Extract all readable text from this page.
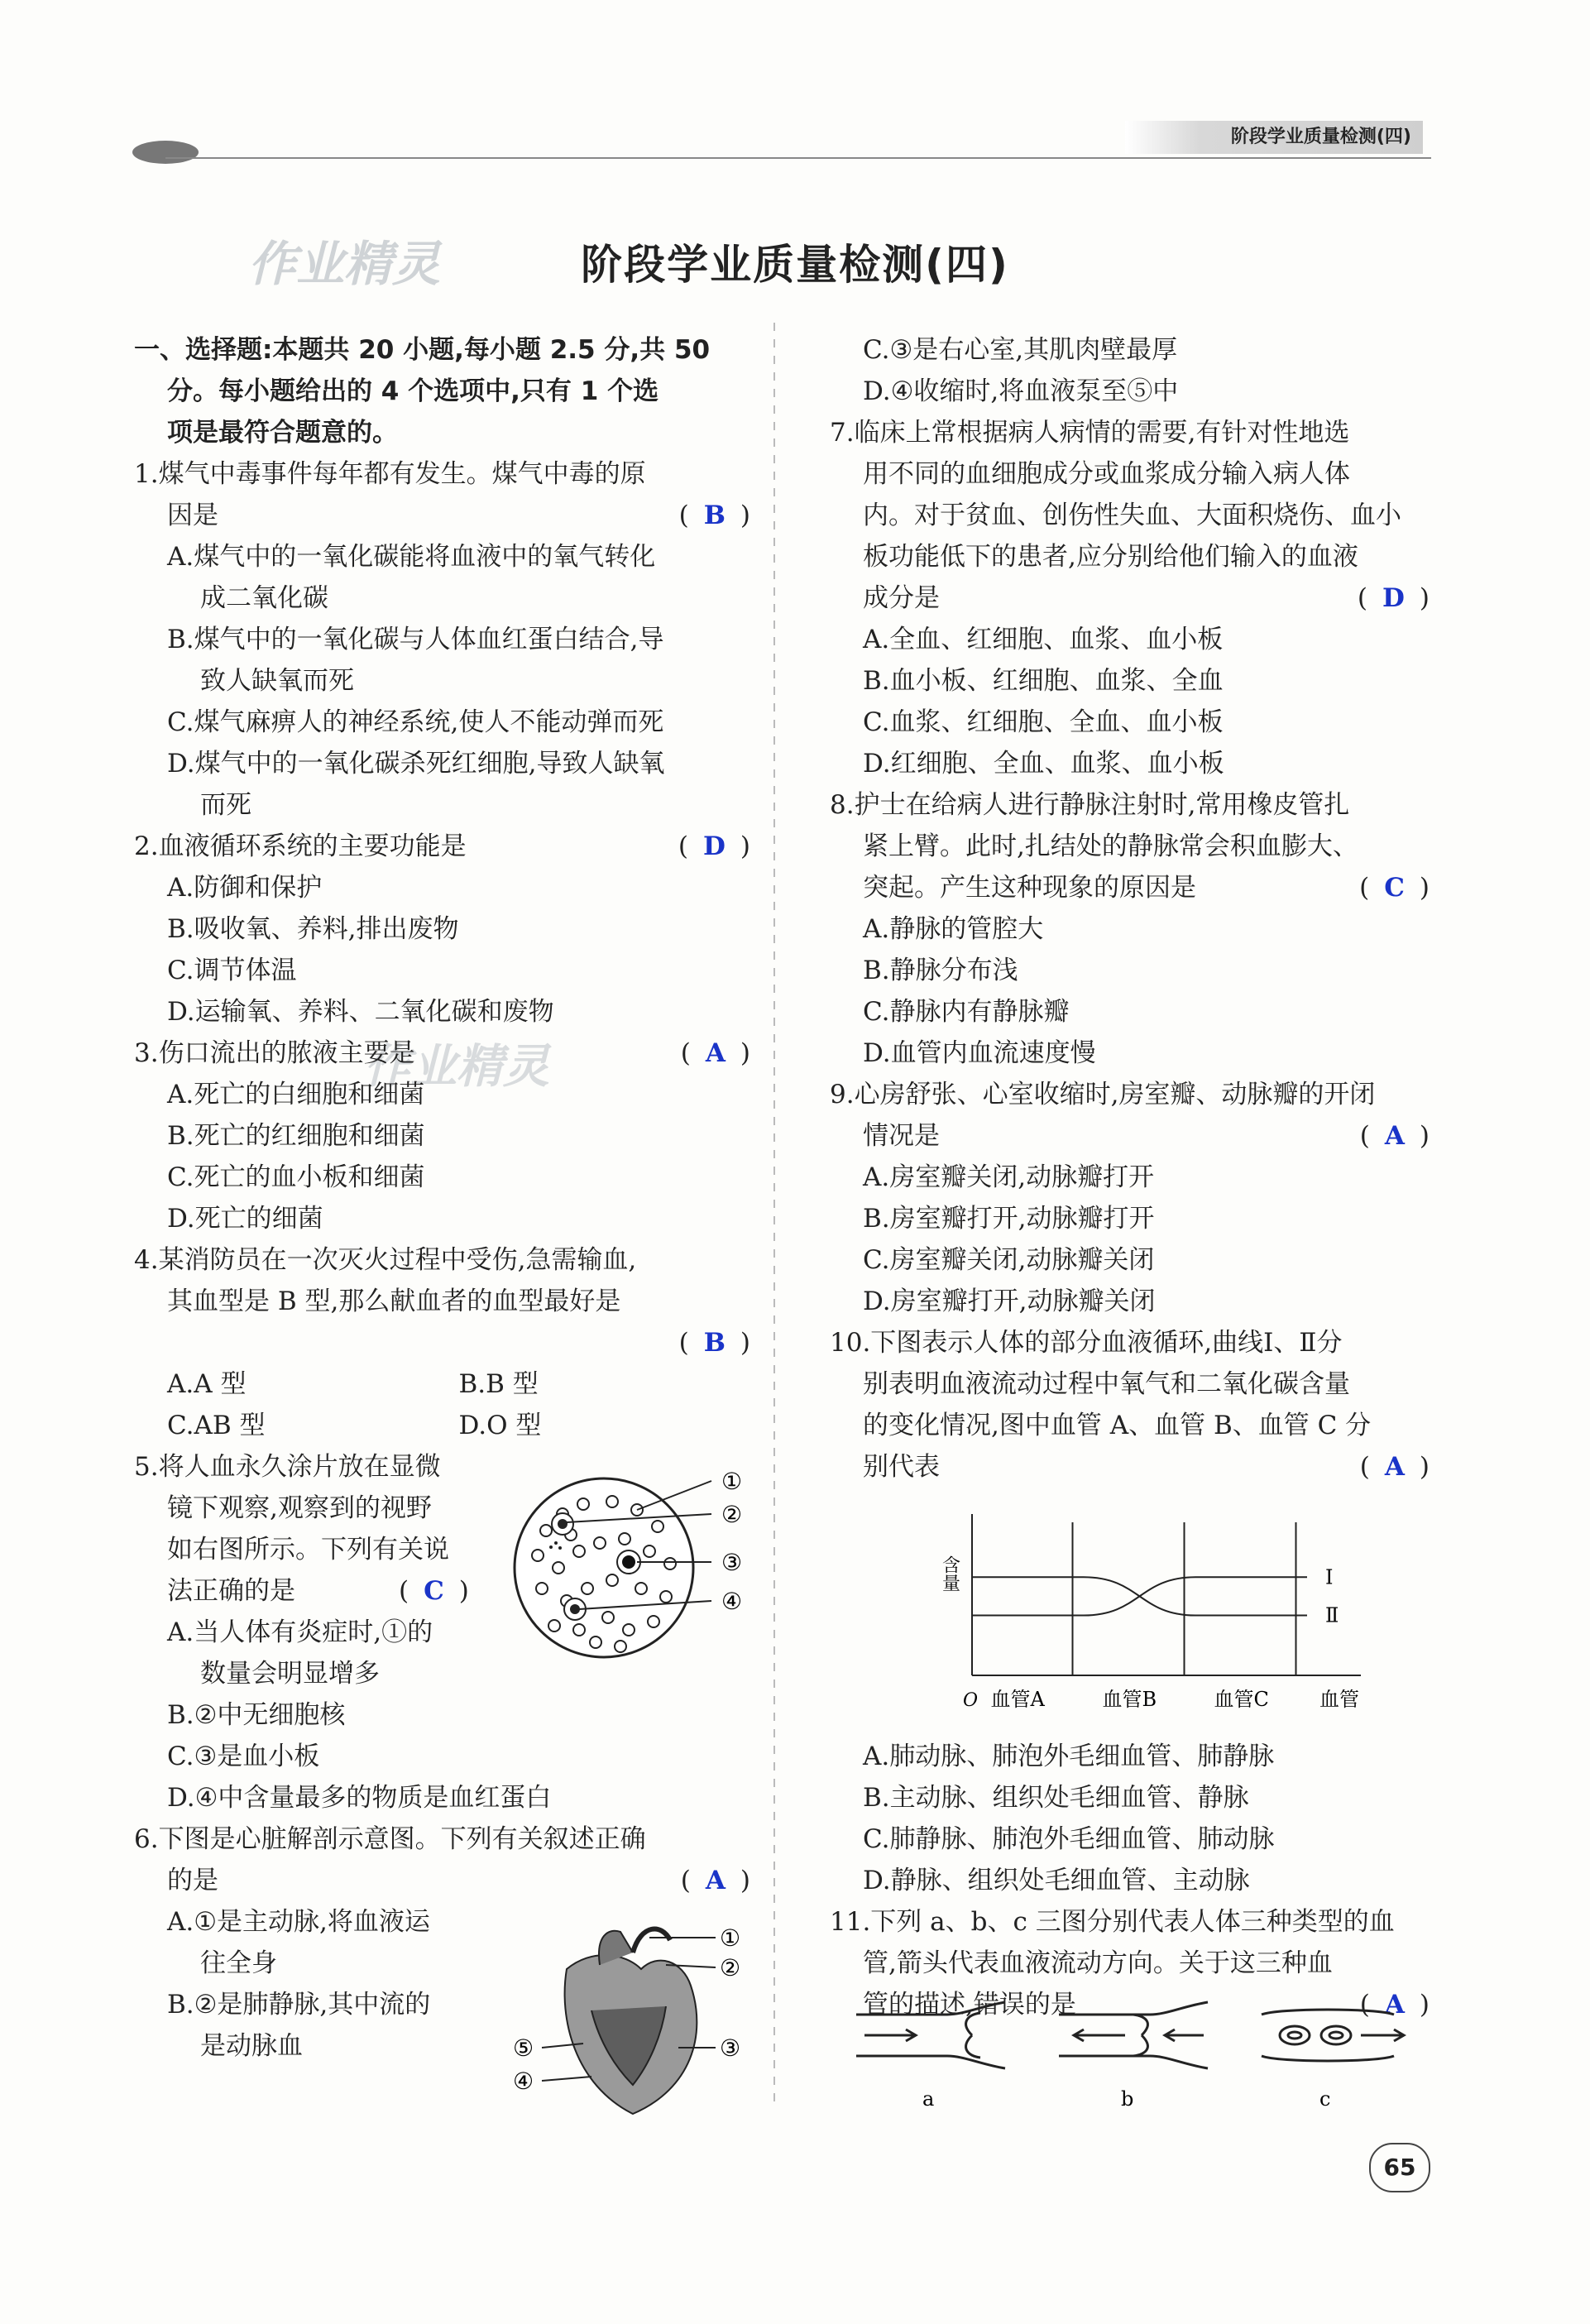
阶段学业质量检测(四)
作业精灵
作业精灵
阶段学业质量检测(四)
一、选择题:本题共 20 小题,每小题 2.5 分,共 50
分。每小题给出的 4 个选项中,只有 1 个选
项是最符合题意的。
1.煤气中毒事件每年都有发生。煤气中毒的原
因是	( B )
A.煤气中的一氧化碳能将血液中的氧气转化
成二氧化碳
B.煤气中的一氧化碳与人体血红蛋白结合,导
致人缺氧而死
C.煤气麻痹人的神经系统,使人不能动弹而死
D.煤气中的一氧化碳杀死红细胞,导致人缺氧
而死
2.血液循环系统的主要功能是	( D )
A.防御和保护
B.吸收氧、养料,排出废物
C.调节体温
D.运输氧、养料、二氧化碳和废物
3.伤口流出的脓液主要是	( A )
A.死亡的白细胞和细菌
B.死亡的红细胞和细菌
C.死亡的血小板和细菌
D.死亡的细菌
4.某消防员在一次灭火过程中受伤,急需输血,
其血型是 B 型,那么献血者的血型最好是
( B )
A.A 型	B.B 型
C.AB 型	D.O 型
5.将人血永久涂片放在显微
镜下观察,观察到的视野
如右图所示。下列有关说
法正确的是	( C )
A.当人体有炎症时,①的
数量会明显增多
B.②中无细胞核
C.③是血小板
D.④中含量最多的物质是血红蛋白
6.下图是心脏解剖示意图。下列有关叙述正确
的是	( A )
A.①是主动脉,将血液运
往全身
B.②是肺静脉,其中流的
是动脉血
①
②
③
④
①
②
③
④
⑤
C.③是右心室,其肌肉壁最厚
D.④收缩时,将血液泵至⑤中
7.临床上常根据病人病情的需要,有针对性地选
用不同的血细胞成分或血浆成分输入病人体
内。对于贫血、创伤性失血、大面积烧伤、血小
板功能低下的患者,应分别给他们输入的血液
成分是	( D )
A.全血、红细胞、血浆、血小板
B.血小板、红细胞、血浆、全血
C.血浆、红细胞、全血、血小板
D.红细胞、全血、血浆、血小板
8.护士在给病人进行静脉注射时,常用橡皮管扎
紧上臂。此时,扎结处的静脉常会积血膨大、
突起。产生这种现象的原因是	( C )
A.静脉的管腔大
B.静脉分布浅
C.静脉内有静脉瓣
D.血管内血流速度慢
9.心房舒张、心室收缩时,房室瓣、动脉瓣的开闭
情况是	( A )
A.房室瓣关闭,动脉瓣打开
B.房室瓣打开,动脉瓣打开
C.房室瓣关闭,动脉瓣关闭
D.房室瓣打开,动脉瓣关闭
10.下图表示人体的部分血液循环,曲线Ⅰ、Ⅱ分
别表明血液流动过程中氧气和二氧化碳含量
的变化情况,图中血管 A、血管 B、血管 C 分
别代表	( A )
A.肺动脉、肺泡外毛细血管、肺静脉
B.主动脉、组织处毛细血管、静脉
C.肺静脉、肺泡外毛细血管、肺动脉
D.静脉、组织处毛细血管、主动脉
11.下列 a、b、c 三图分别代表人体三种类型的血
管,箭头代表血液流动方向。关于这三种血
管的描述,错误的是	( A )
含量
O 血管A	血管B	血管C	血管
Ⅰ
Ⅱ
a	b	c
65
